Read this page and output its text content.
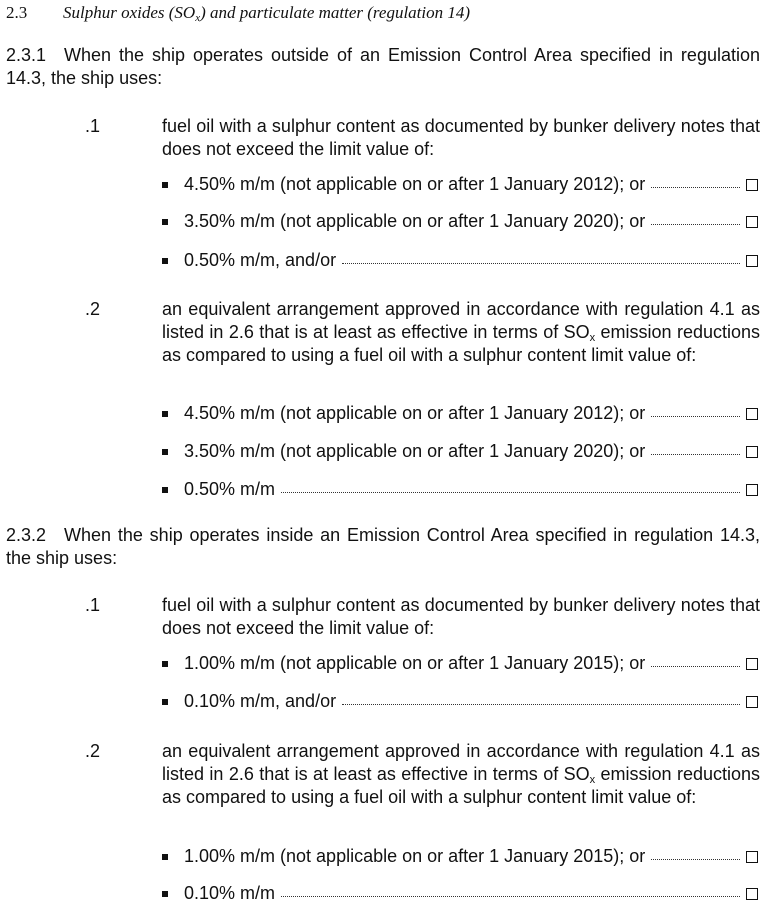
2.3 Sulphur oxides $(SO_x)$ and particulate matter (regulation 14)
2.3.1 When the ship operates outside of an Emission Control Area specified in regulation 14.3, the ship uses:
.1	fuel oil with a sulphur content as documented by bunker delivery notes that does not exceed the limit value of:
4.50% m/m (not applicable on or after 1 January 2012); or
3.50% m/m (not applicable on or after 1 January 2020); or
0.50% m/m, and/or
.2	an equivalent arrangement approved in accordance with regulation 4.1 as listed in 2.6 that is at least as effective in terms of $SO_x$ emission reductions as compared to using a fuel oil with a sulphur content limit value of:
4.50% m/m (not applicable on or after 1 January 2012); or
3.50% m/m (not applicable on or after 1 January 2020); or
0.50% m/m
2.3.2 When the ship operates inside an Emission Control Area specified in regulation 14.3, the ship uses:
.1	fuel oil with a sulphur content as documented by bunker delivery notes that does not exceed the limit value of:
1.00% m/m (not applicable on or after 1 January 2015); or
0.10% m/m, and/or
.2	an equivalent arrangement approved in accordance with regulation 4.1 as listed in 2.6 that is at least as effective in terms of $SO_x$ emission reductions as compared to using a fuel oil with a sulphur content limit value of:
1.00% m/m (not applicable on or after 1 January 2015); or
0.10% m/m
